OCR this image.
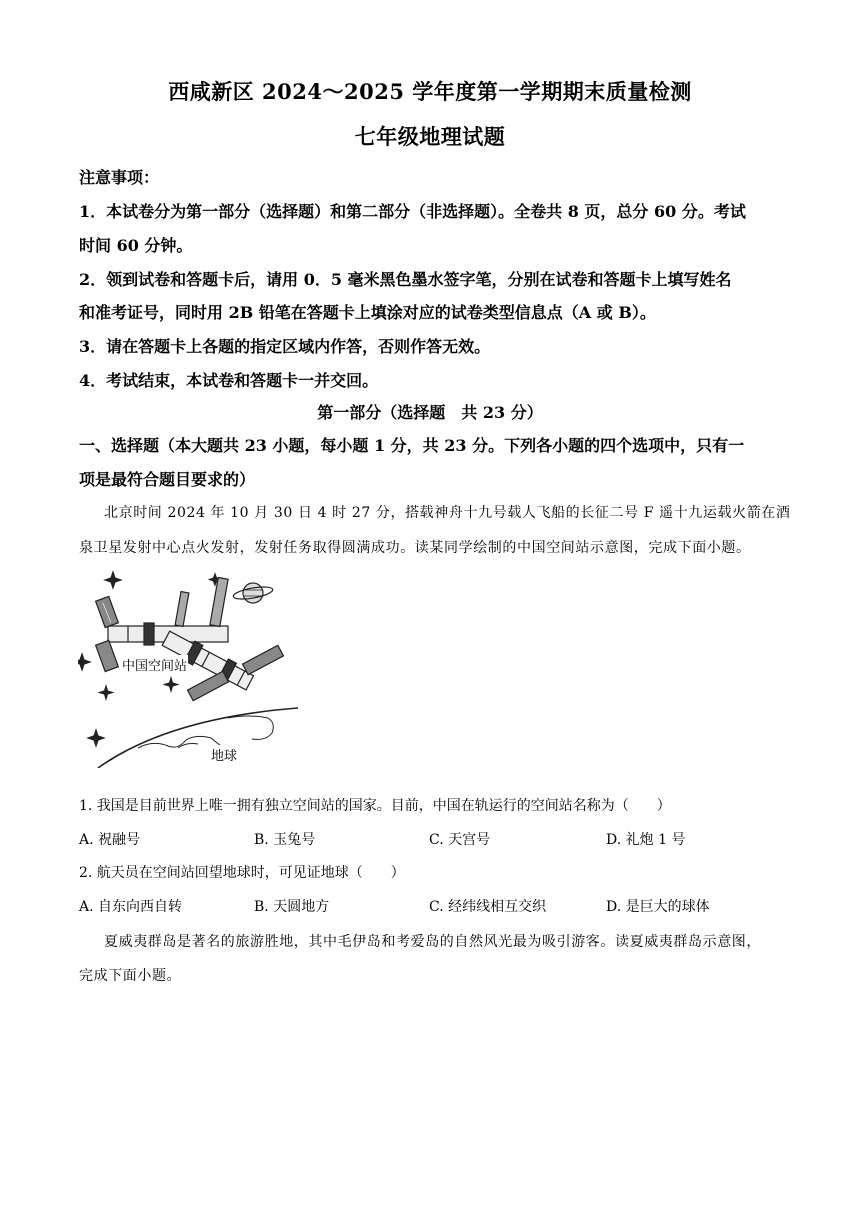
西咸新区 2024～2025 学年度第一学期期末质量检测
七年级地理试题
注意事项：
1．本试卷分为第一部分（选择题）和第二部分（非选择题）。全卷共 8 页，总分 60 分。考试
时间 60 分钟。
2．领到试卷和答题卡后，请用 0．5 毫米黑色墨水签字笔，分别在试卷和答题卡上填写姓名
和准考证号，同时用 2B 铅笔在答题卡上填涂对应的试卷类型信息点（A 或 B）。
3．请在答题卡上各题的指定区域内作答，否则作答无效。
4．考试结束，本试卷和答题卡一并交回。
第一部分（选择题　共 23 分）
一、选择题（本大题共 23 小题，每小题 1 分，共 23 分。下列各小题的四个选项中，只有一
项是最符合题目要求的）
北京时间 2024 年 10 月 30 日 4 时 27 分，搭载神舟十九号载人飞船的长征二号 F 遥十九运载火箭在酒
泉卫星发射中心点火发射，发射任务取得圆满成功。读某同学绘制的中国空间站示意图，完成下面小题。
中国空间站
地球
1. 我国是目前世界上唯一拥有独立空间站的国家。目前，中国在轨运行的空间站名称为（　　）
A. 祝融号	B. 玉兔号	C. 天宫号	D. 礼炮 1 号
2. 航天员在空间站回望地球时，可见证地球（　　）
A. 自东向西自转	B. 天圆地方	C. 经纬线相互交织	D. 是巨大的球体
夏威夷群岛是著名的旅游胜地，其中毛伊岛和考爱岛的自然风光最为吸引游客。读夏威夷群岛示意图，
完成下面小题。
